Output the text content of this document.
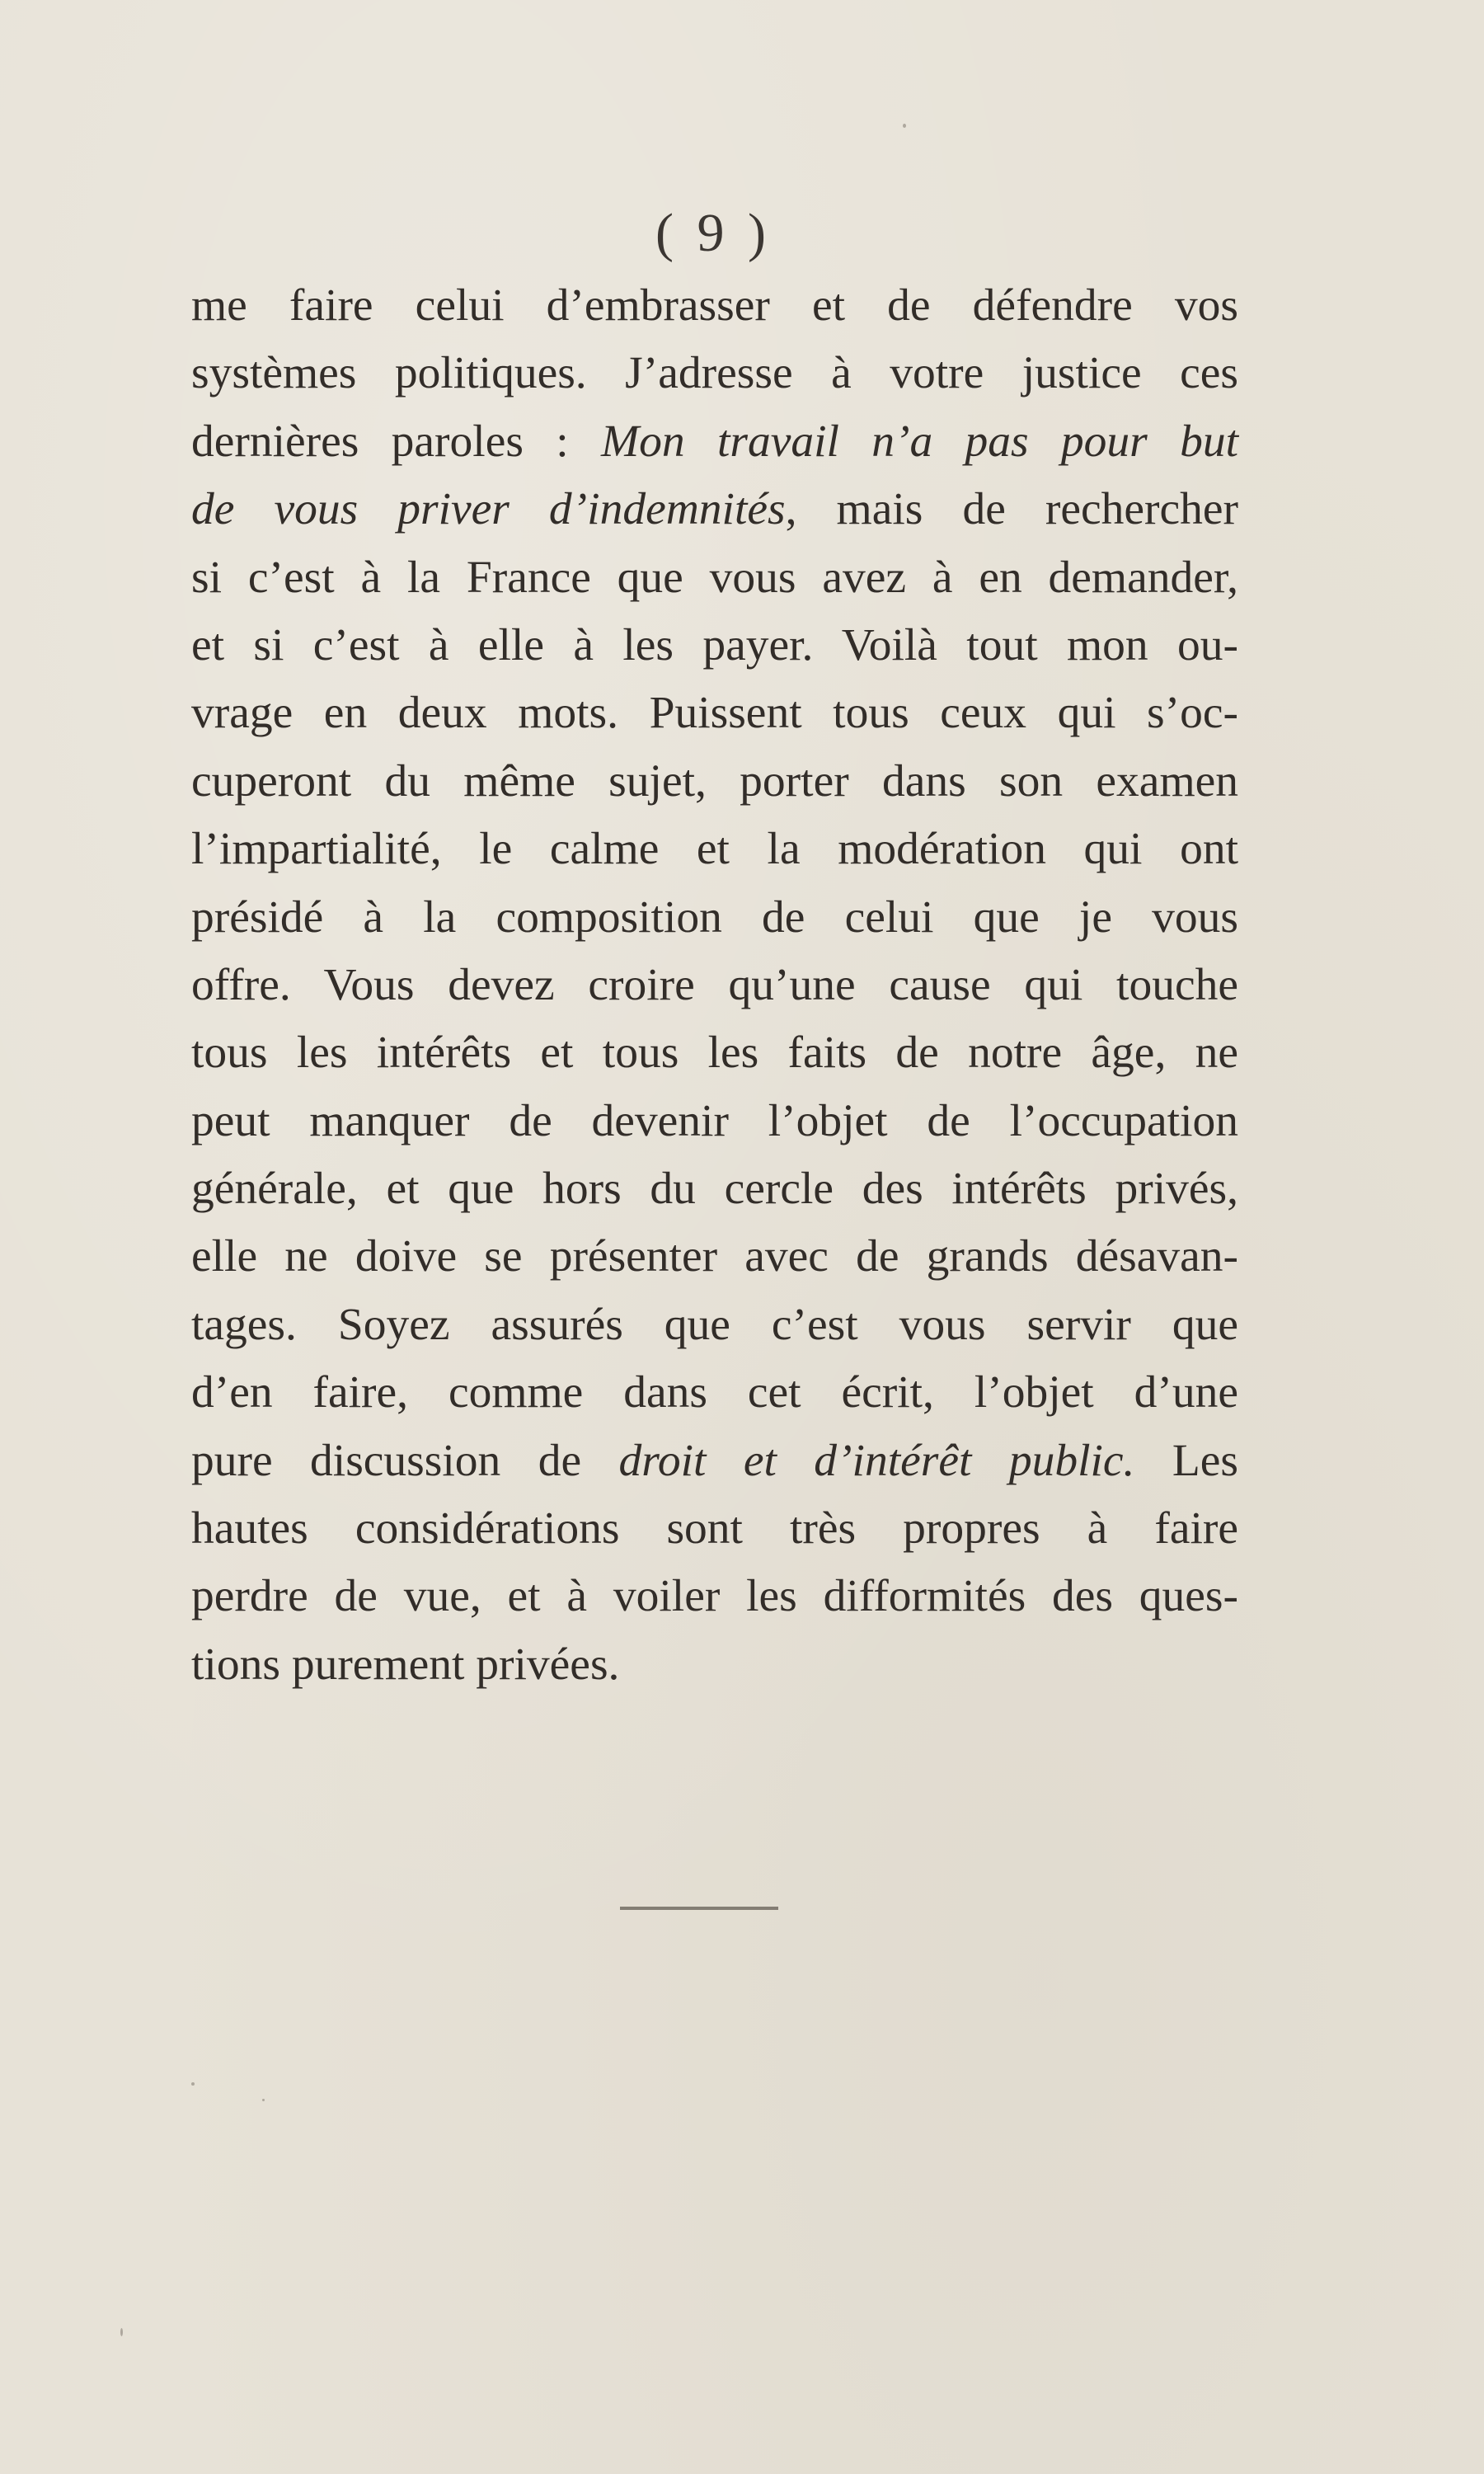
( 9 )
me faire celui d’embrasser et de défendre vos
systèmes politiques. J’adresse à votre justice ces
dernières paroles : Mon travail n’a pas pour but
de vous priver d’indemnités, mais de rechercher
si c’est à la France que vous avez à en demander,
et si c’est à elle à les payer. Voilà tout mon ou-
vrage en deux mots. Puissent tous ceux qui s’oc-
cuperont du même sujet, porter dans son examen
l’impartialité, le calme et la modération qui ont
présidé à la composition de celui que je vous
offre. Vous devez croire qu’une cause qui touche
tous les intérêts et tous les faits de notre âge, ne
peut manquer de devenir l’objet de l’occupation
générale, et que hors du cercle des intérêts privés,
elle ne doive se présenter avec de grands désavan-
tages. Soyez assurés que c’est vous servir que
d’en faire, comme dans cet écrit, l’objet d’une
pure discussion de droit et d’intérêt public. Les
hautes considérations sont très propres à faire
perdre de vue, et à voiler les difformités des ques-
tions purement privées.
